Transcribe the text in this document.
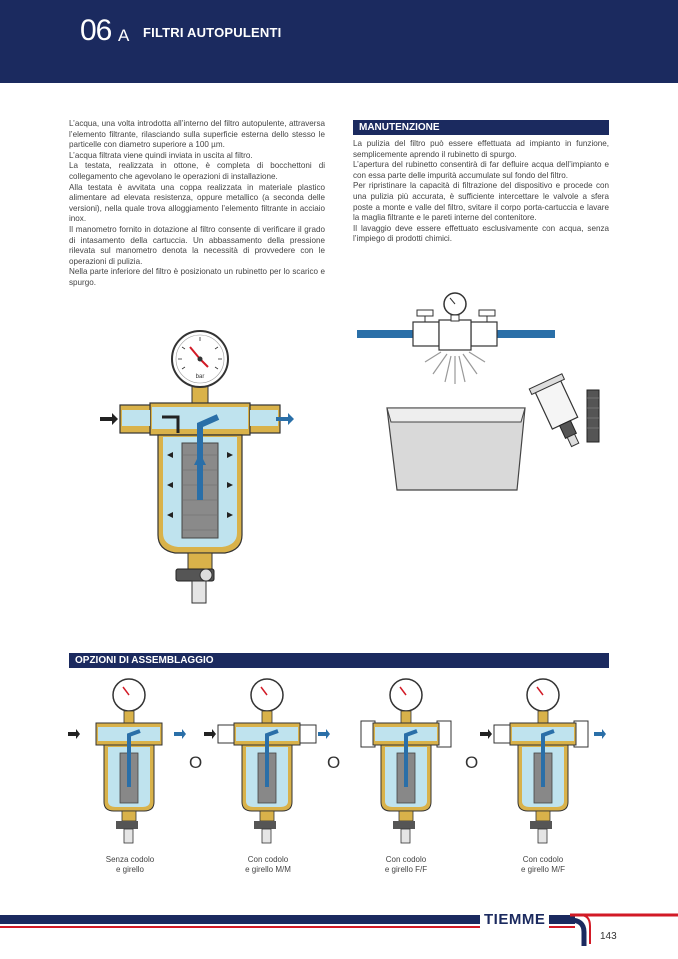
06 A FILTRI AUTOPULENTI

L’acqua, una volta introdotta all’interno del filtro autopulente, attraversa l’elemento filtrante, rilasciando sulla superficie esterna dello stesso le particelle con diametro superiore a 100 µm.

L’acqua filtrata viene quindi inviata in uscita al filtro.

La testata, realizzata in ottone, è completa di bocchettoni di collegamento che agevolano le operazioni di installazione.

Alla testata è avvitata una coppa realizzata in materiale plastico alimentare ad elevata resistenza, oppure metallico (a seconda delle versioni), nella quale trova alloggiamento l’elemento filtrante in acciaio inox.

Il manometro fornito in dotazione al filtro consente di verificare il grado di intasamento della cartuccia. Un abbassamento della pressione rilevata sul manometro denota la necessità di provvedere con le operazioni di pulizia.

Nella parte inferiore del filtro è posizionato un rubinetto per lo scarico e spurgo.

MANUTENZIONE

La pulizia del filtro può essere effettuata ad impianto in funzione, semplicemente aprendo il rubinetto di spurgo.

L’apertura del rubinetto consentirà di far defluire acqua dell’impianto e con essa parte delle impurità accumulate sul fondo del filtro.

Per ripristinare la capacità di filtrazione del dispositivo e procede con una pulizia più accurata, è sufficiente intercettare le valvole a sfera poste a monte e valle del filtro, svitare il corpo porta-cartuccia e lavare la maglia filtrante e le pareti interne del contenitore.

Il lavaggio deve essere effettuato esclusivamente con acqua, senza l’impiego di prodotti chimici.

bar
OPZIONI DI ASSEMBLAGGIO
O	O	O
Senza codolo
e girello
Con codolo
e girello M/M
Con codolo
e girello F/F
Con codolo
e girello M/F
TIEMME
143
